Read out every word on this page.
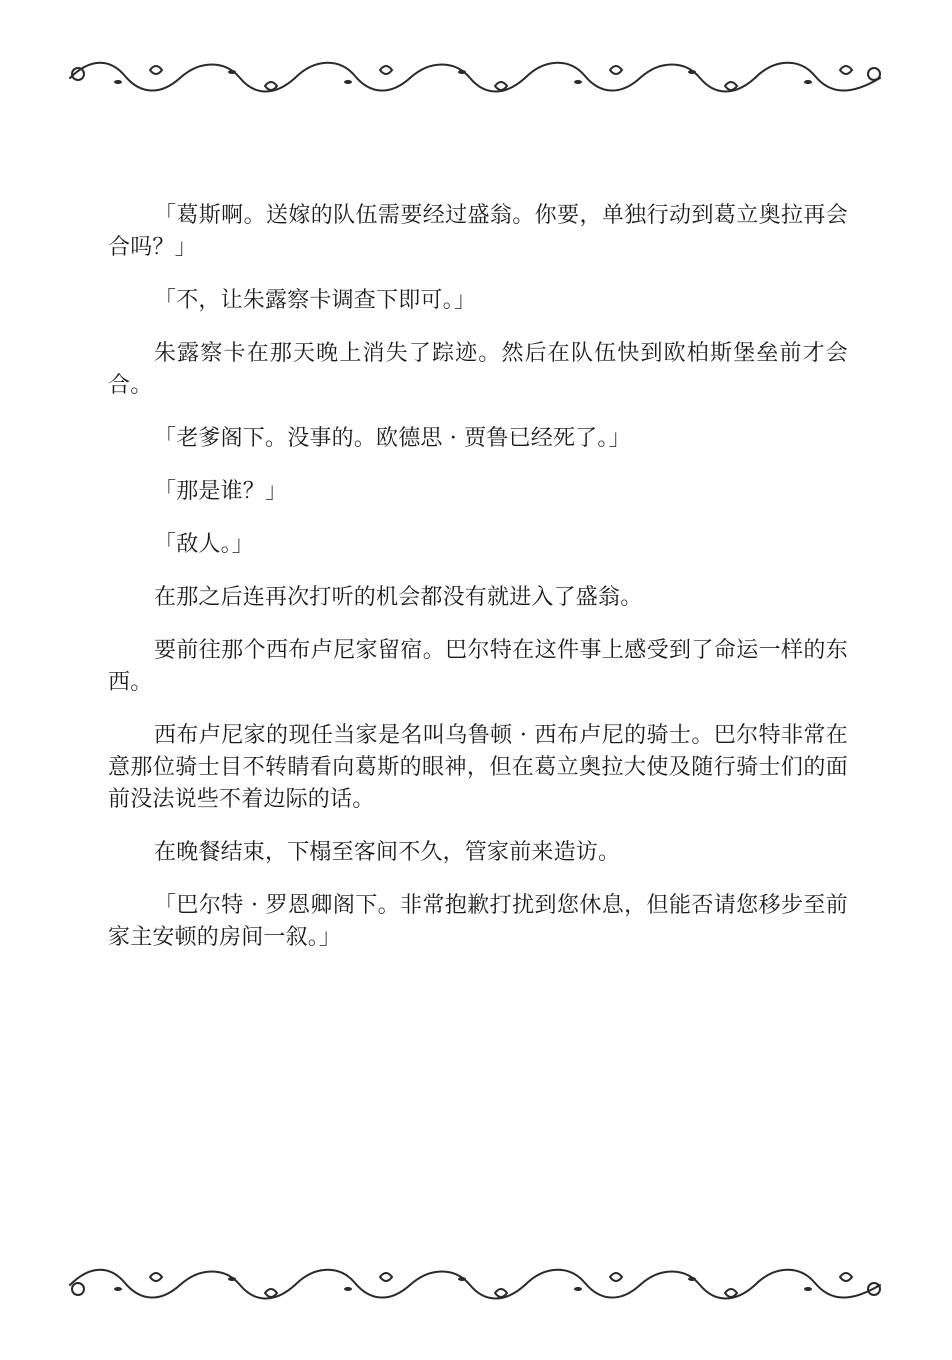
「葛斯啊。送嫁的队伍需要经过盛翁。你要，单独行动到葛立奥拉再会合吗？」

「不，让朱露察卡调查下即可。」

朱露察卡在那天晚上消失了踪迹。然后在队伍快到欧柏斯堡垒前才会合。

「老爹阁下。没事的。欧德思 · 贾鲁已经死了。」

「那是谁？」

「敌人。」

在那之后连再次打听的机会都没有就进入了盛翁。

要前往那个西布卢尼家留宿。巴尔特在这件事上感受到了命运一样的东西。

西布卢尼家的现任当家是名叫乌鲁顿 · 西布卢尼的骑士。巴尔特非常在意那位骑士目不转睛看向葛斯的眼神，但在葛立奥拉大使及随行骑士们的面前没法说些不着边际的话。

在晚餐结束，下榻至客间不久，管家前来造访。

「巴尔特 · 罗恩卿阁下。非常抱歉打扰到您休息，但能否请您移步至前家主安顿的房间一叙。」
